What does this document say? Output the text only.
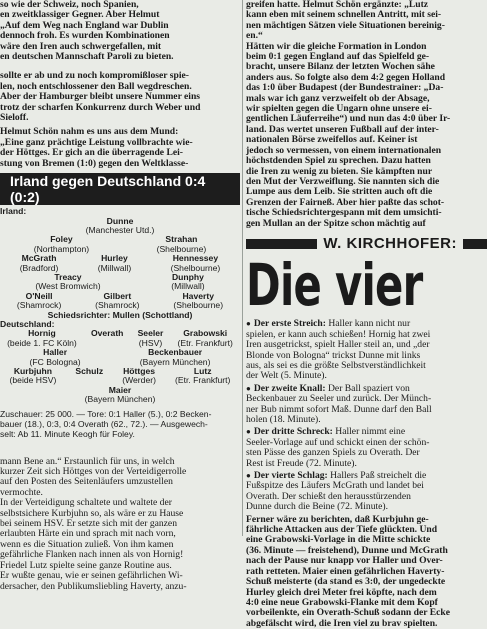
so wie der Schweiz, noch Spanien,
en zweitklassiger Gegner. Aber Helmut
„Auf dem Weg nach England war Dublin
dennoch froh. Es wurden Kombinationen
wäre den Iren auch schwergefallen, mit
en deutschen Mannschaft Paroli zu bieten.
sollte er ab und zu noch kompromißloser spie-
len, noch entschlossener den Ball wegdreschen.
Aber der Hamburger bleibt unsere Nummer eins
trotz der scharfen Konkurrenz durch Weber und
Sieloff.
Helmut Schön nahm es uns aus dem Mund:
„Eine ganz prächtige Leistung vollbrachte wie-
der Höttges. Er gich an die überragende Lei-
stung von Bremen (1:0) gegen den Weltklasse-
Irland gegen Deutschland 0:4 (0:2)
Irland:
Dunne
(Manchester Utd.)
Foley
(Northampton)
Strahan
(Shelbourne)
McGrath
(Bradford)
Hurley
(Millwall)
Hennessey
(Shelbourne)
Treacy
(West Bromwich)
Dunphy
(Millwall)
O'Neill
(Shamrock)
Gilbert
(Shamrock)
Haverty
(Shelbourne)
Schiedsrichter: Mullen (Schottland)
Deutschland:
Hornig
(beide 1. FC Köln)
Overath Seeler
(HSV)
Grabowski
(Etr. Frankfurt)
Haller
(FC Bologna)
Beckenbauer
(Bayern München)
Kurbjuhn
(beide HSV)
Schulz Höttges
(Werder)
Lutz
(Etr. Frankfurt)
Maier
(Bayern München)
Zuschauer: 25 000. — Tore: 0:1 Haller (5.), 0:2 Becken-
bauer (18.), 0:3, 0:4 Overath (62., 72.). — Ausgewech-
selt: Ab 11. Minute Keogh für Foley.
mann Bene an.“ Erstaunlich für uns, in welch
kurzer Zeit sich Höttges von der Verteidigerrolle
auf den Posten des Seitenläufers umzustellen
vermochte.
In der Verteidigung schaltete und waltete der
selbstsichere Kurbjuhn so, als wäre er zu Hause
bei seinem HSV. Er setzte sich mit der ganzen
erlaubten Härte ein und sprach mit nach vorn,
wenn es die Situation zuließ. Von ihm kamen
gefährliche Flanken nach innen als von Hornig!
Friedel Lutz spielte seine ganze Routine aus.
Er wußte genau, wie er seinen gefährlichen Wi-
dersacher, den Publikumsliebling Haverty, anzu-
greifen hatte. Helmut Schön ergänzte: „Lutz
kann eben mit seinem schnellen Antritt, mit sei-
nen mächtigen Sätzen viele Situationen bereinig-
en.“
Hätten wir die gleiche Formation in London
beim 0:1 gegen England auf das Spielfeld ge-
bracht, unsere Bilanz der letzten Wochen sähe
anders aus. So folgte also dem 4:2 gegen Holland
das 1:0 über Budapest (der Bundestrainer: „Da-
mals war ich ganz verzweifelt ob der Absage,
wir spielten gegen die Ungarn ohne unsere ei-
gentlichen Läuferreihe“) und nun das 4:0 über Ir-
land. Das wertet unseren Fußball auf der inter-
nationalen Börse zweifellos auf. Keiner ist
jedoch so vermessen, von einem internationalen
höchstdenden Spiel zu sprechen. Dazu hatten
die Iren zu wenig zu bieten. Sie kämpften nur
den Mut der Verzweiflung. Sie nannten sich die
Lumpe aus dem Leib. Sie stritten auch oft die
Grenzen der Fairneß. Aber hier paßte das schot-
tische Schiedsrichtergespann mit dem umsichti-
gen Mullan an der Spitze schon mächtig auf
W. KIRCHHOFER:
Die vier
● Der erste Streich: Haller kann nicht nur
spielen, er kann auch schießen! Hornig hat zwei
Iren ausgetrickst, spielt Haller steil an, und „der
Blonde von Bologna“ trickst Dunne mit links
aus, als sei es die größte Selbstverständlichkeit
der Welt (5. Minute).
● Der zweite Knall: Der Ball spaziert von
Beckenbauer zu Seeler und zurück. Der Münch-
ner Bub nimmt sofort Maß. Dunne darf den Ball
holen (18. Minute).
● Der dritte Schreck: Haller nimmt eine
Seeler-Vorlage auf und schickt einen der schön-
sten Pässe des ganzen Spiels zu Overath. Der
Rest ist Freude (72. Minute).
● Der vierte Schlag: Hallers Paß streichelt die
Fußspitze des Läufers McGrath und landet bei
Overath. Der schießt den herausstürzenden
Dunne durch die Beine (72. Minute).
Ferner wäre zu berichten, daß Kurbjuhn ge-
fährliche Attacken aus der Tiefe glückten. Und
eine Grabowski-Vorlage in die Mitte schickte
(36. Minute — freistehend), Dunne und McGrath
nach der Pause nur knapp vor Haller und Over-
rath retteten. Maier einen gefährlichen Haverty-
Schuß meisterte (da stand es 3:0, der ungedeckte
Hurley gleich drei Meter frei köpfte, nach dem
4:0 eine neue Grabowski-Flanke mit dem Kopf
vorbeilenkte, ein Overath-Schuß sodann der Ecke
abgefälscht wird, die Iren viel zu brav spielten.
